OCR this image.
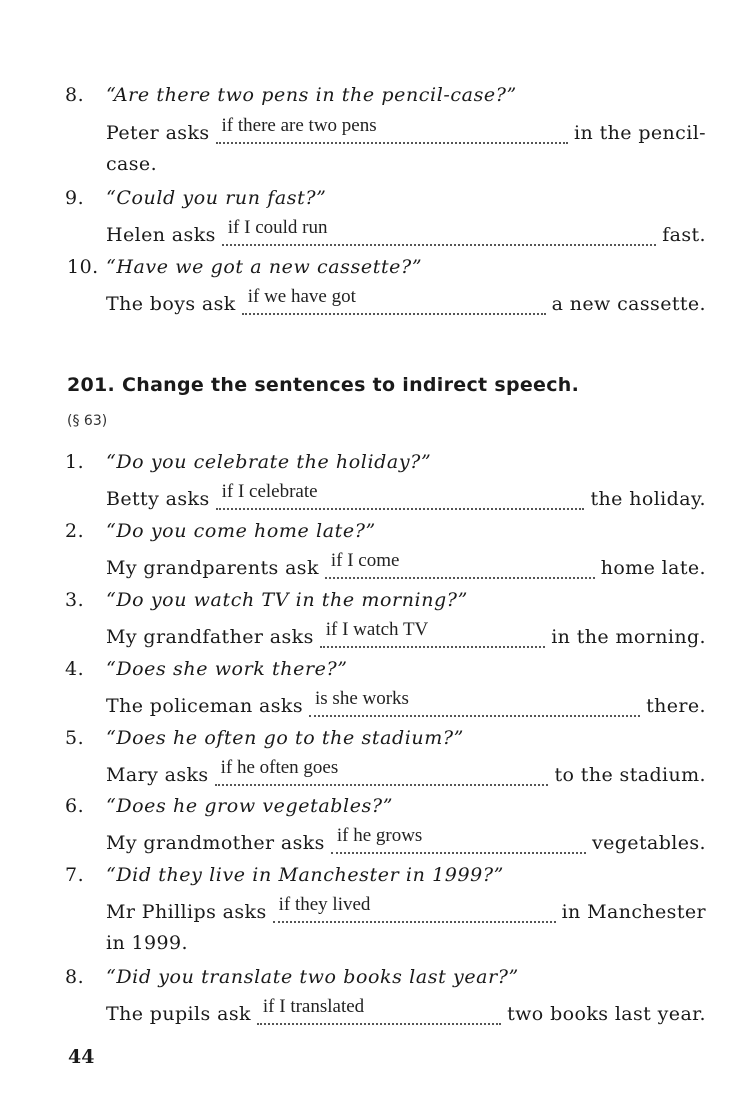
8. “Are there two pens in the pencil-case?”
Peter asks if there are two pens	in the pencil-
case.
9. “Could you run fast?”
Helen asks if I could run	fast.
10. “Have we got a new cassette?”
The boys ask if we have got	a new cassette.
201. Change the sentences to indirect speech.
(§ 63)
1. “Do you celebrate the holiday?”
Betty asks if I celebrate	the holiday.
2. “Do you come home late?”
My grandparents ask if I come	home late.
3. “Do you watch TV in the morning?”
My grandfather asks if I watch TV	in the morning.
4. “Does she work there?”
The policeman asks is she works	there.
5. “Does he often go to the stadium?”
Mary asks if he often goes	to the stadium.
6. “Does he grow vegetables?”
My grandmother asks if he grows	vegetables.
7. “Did they live in Manchester in 1999?”
Mr Phillips asks if they lived	in Manchester
in 1999.
8. “Did you translate two books last year?”
The pupils ask if I translated	two books last year.
44
